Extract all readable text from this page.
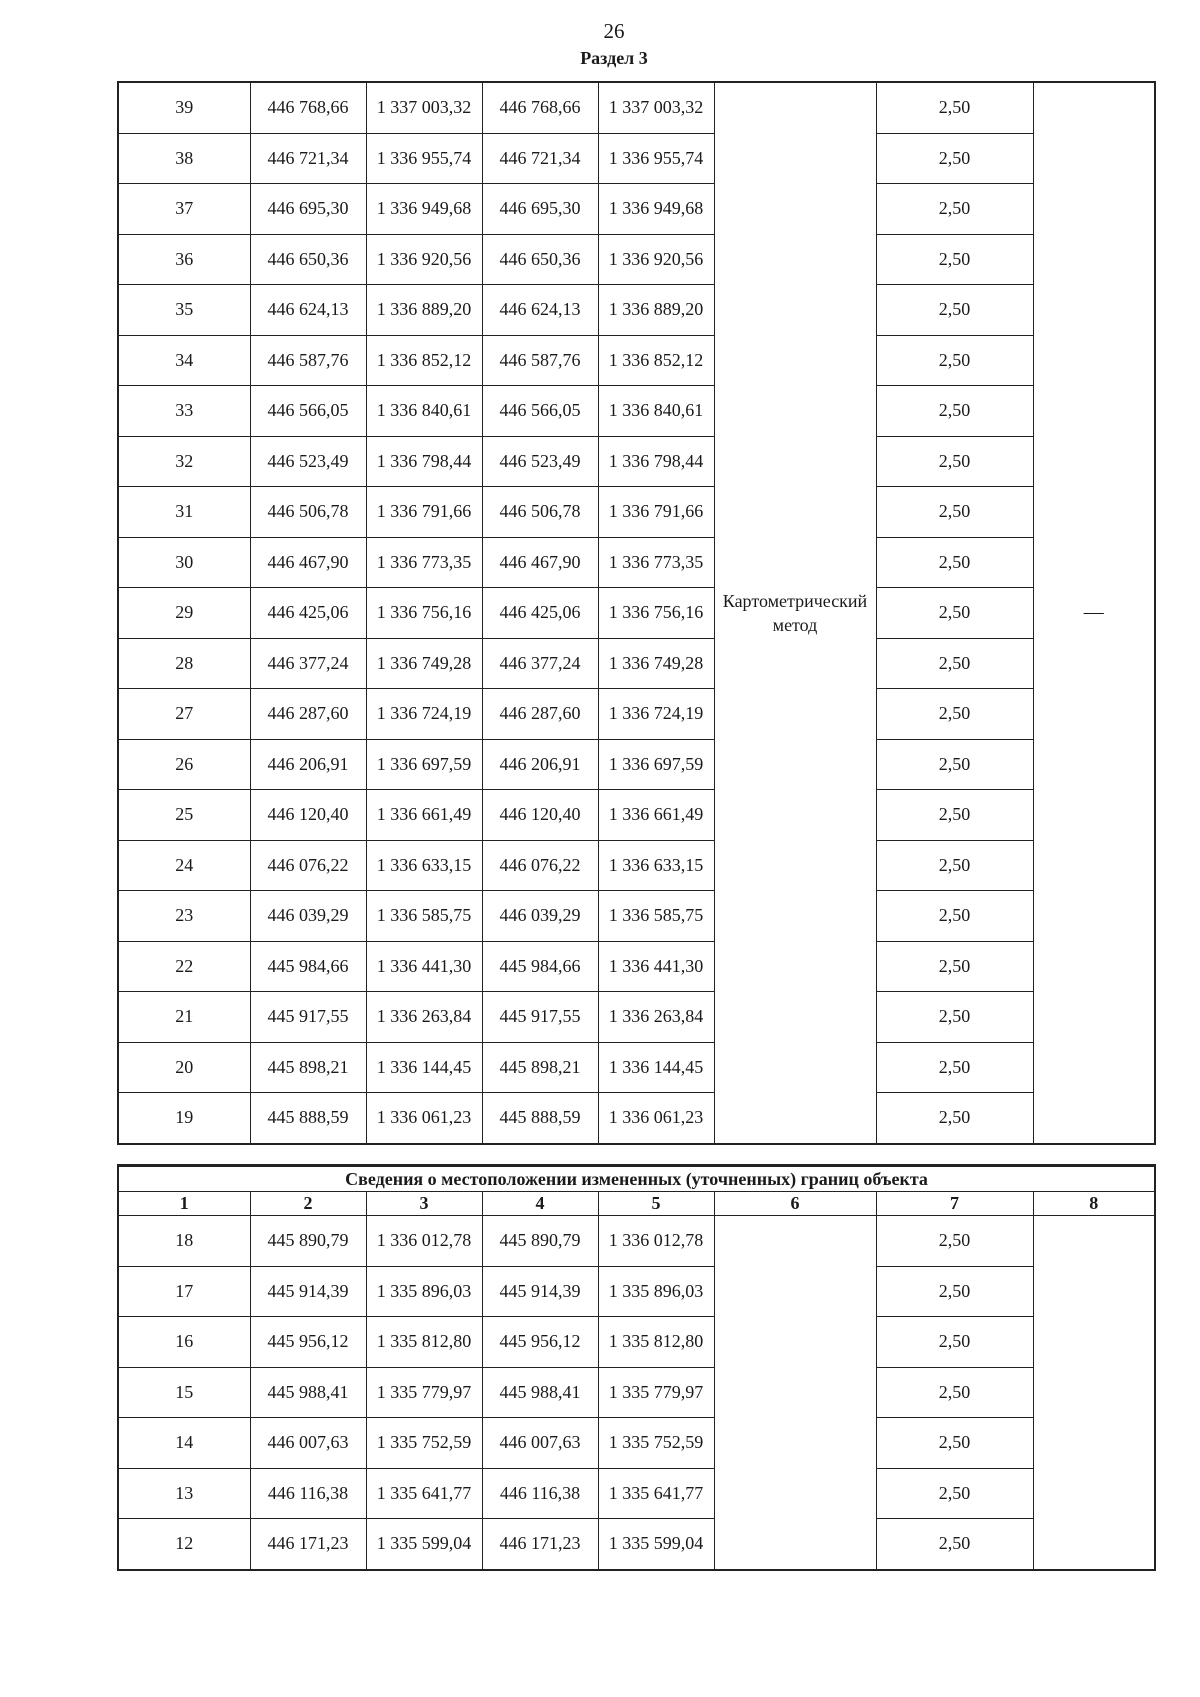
26
Раздел 3
39	446 768,66	1 337 003,32	446 768,66	1 337 003,32	Картометрический метод	2,50	—
38	446 721,34	1 336 955,74	446 721,34	1 336 955,74		2,50	
37	446 695,30	1 336 949,68	446 695,30	1 336 949,68		2,50	
36	446 650,36	1 336 920,56	446 650,36	1 336 920,56		2,50	
35	446 624,13	1 336 889,20	446 624,13	1 336 889,20		2,50	
34	446 587,76	1 336 852,12	446 587,76	1 336 852,12		2,50	
33	446 566,05	1 336 840,61	446 566,05	1 336 840,61		2,50	
32	446 523,49	1 336 798,44	446 523,49	1 336 798,44		2,50	
31	446 506,78	1 336 791,66	446 506,78	1 336 791,66		2,50	
30	446 467,90	1 336 773,35	446 467,90	1 336 773,35		2,50	
29	446 425,06	1 336 756,16	446 425,06	1 336 756,16		2,50	
28	446 377,24	1 336 749,28	446 377,24	1 336 749,28		2,50	
27	446 287,60	1 336 724,19	446 287,60	1 336 724,19		2,50	
26	446 206,91	1 336 697,59	446 206,91	1 336 697,59		2,50	
25	446 120,40	1 336 661,49	446 120,40	1 336 661,49		2,50	
24	446 076,22	1 336 633,15	446 076,22	1 336 633,15		2,50	
23	446 039,29	1 336 585,75	446 039,29	1 336 585,75		2,50	
22	445 984,66	1 336 441,30	445 984,66	1 336 441,30		2,50	
21	445 917,55	1 336 263,84	445 917,55	1 336 263,84		2,50	
20	445 898,21	1 336 144,45	445 898,21	1 336 144,45		2,50	
19	445 888,59	1 336 061,23	445 888,59	1 336 061,23		2,50	
Сведения о местоположении измененных (уточненных) границ объекта							
1	2	3	4	5	6	7	8
18	445 890,79	1 336 012,78	445 890,79	1 336 012,78		2,50	
17	445 914,39	1 335 896,03	445 914,39	1 335 896,03		2,50	
16	445 956,12	1 335 812,80	445 956,12	1 335 812,80		2,50	
15	445 988,41	1 335 779,97	445 988,41	1 335 779,97		2,50	
14	446 007,63	1 335 752,59	446 007,63	1 335 752,59		2,50	
13	446 116,38	1 335 641,77	446 116,38	1 335 641,77		2,50	
12	446 171,23	1 335 599,04	446 171,23	1 335 599,04		2,50	
